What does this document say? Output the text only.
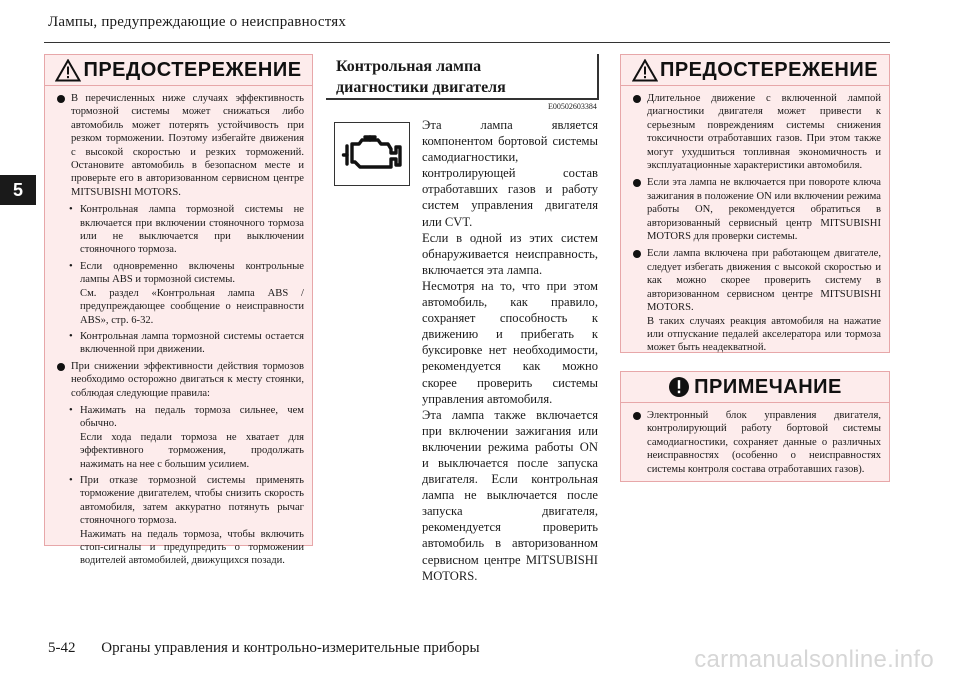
Лампы, предупреждающие о неисправностях
5
ПРЕДОСТЕРЕЖЕНИЕ
В перечисленных ниже случаях эффективность тормозной системы может снижаться либо автомобиль может потерять устойчивость при резком торможении. Поэтому избегайте движения с высокой скоростью и резких торможений. Остановите автомобиль в безопасном месте и проверьте его в авторизованном сервисном центре MITSUBISHI MOTORS.
• Контрольная лампа тормозной системы не включается при включении стояночного тормоза или не выключается при выключении стояночного тормоза.
• Если одновременно включены контрольные лампы ABS и тормозной системы.
См. раздел «Контрольная лампа ABS / предупреждающее сообщение о неисправности ABS», стр. 6-32.
• Контрольная лампа тормозной системы остается включенной при движении.
При снижении эффективности действия тормозов необходимо осторожно двигаться к месту стоянки, соблюдая следующие правила:
• Нажимать на педаль тормоза сильнее, чем обычно.
Если хода педали тормоза не хватает для эффективного торможения, продолжать нажимать на нее с большим усилием.
• При отказе тормозной системы применять торможение двигателем, чтобы снизить скорость автомобиля, затем аккуратно потянуть рычаг стояночного тормоза.
Нажимать на педаль тормоза, чтобы включить стоп-сигналы и предупредить о торможении водителей автомобилей, движущихся позади.
Контрольная лампа
диагностики двигателя
E00502603384

Эта лампа является компонентом бортовой системы самодиагностики, контролирующей состав отработавших газов и работу систем управления двигателя или CVT.

Если в одной из этих систем обнаруживается неисправность, включается эта лампа.

Несмотря на то, что при этом автомобиль, как правило, сохраняет способность к движению и прибегать к буксировке нет необходимости, рекомендуется как можно скорее проверить системы управления автомобиля.

Эта лампа также включается при включении зажигания или включении режима работы ON и выключается после запуска двигателя. Если контрольная лампа не выключается после запуска двигателя, рекомендуется проверить автомобиль в авторизованном сервисном центре MITSUBISHI MOTORS.

ПРЕДОСТЕРЕЖЕНИЕ
Длительное движение с включенной лампой диагностики двигателя может привести к серьезным повреждениям системы снижения токсичности отработавших газов. При этом также могут ухудшиться топливная экономичность и эксплуатационные характеристики автомобиля.
Если эта лампа не включается при повороте ключа зажигания в положение ON или включении режима работы ON, рекомендуется обратиться в авторизованный сервисный центр MITSUBISHI MOTORS для проверки системы.
Если лампа включена при работающем двигателе, следует избегать движения с высокой скоростью и как можно скорее проверить систему в авторизованном сервисном центре MITSUBISHI MOTORS.
В таких случаях реакция автомобиля на нажатие или отпускание педалей акселератора или тормоза может быть неадекватной.
ПРИМЕЧАНИЕ
Электронный блок управления двигателя, контролирующий работу бортовой системы самодиагностики, сохраняет данные о различных неисправностях (особенно о неисправностях системы контроля состава отработавших газов).
5-42 Органы управления и контрольно-измерительные приборы	carmanualsonline.info
